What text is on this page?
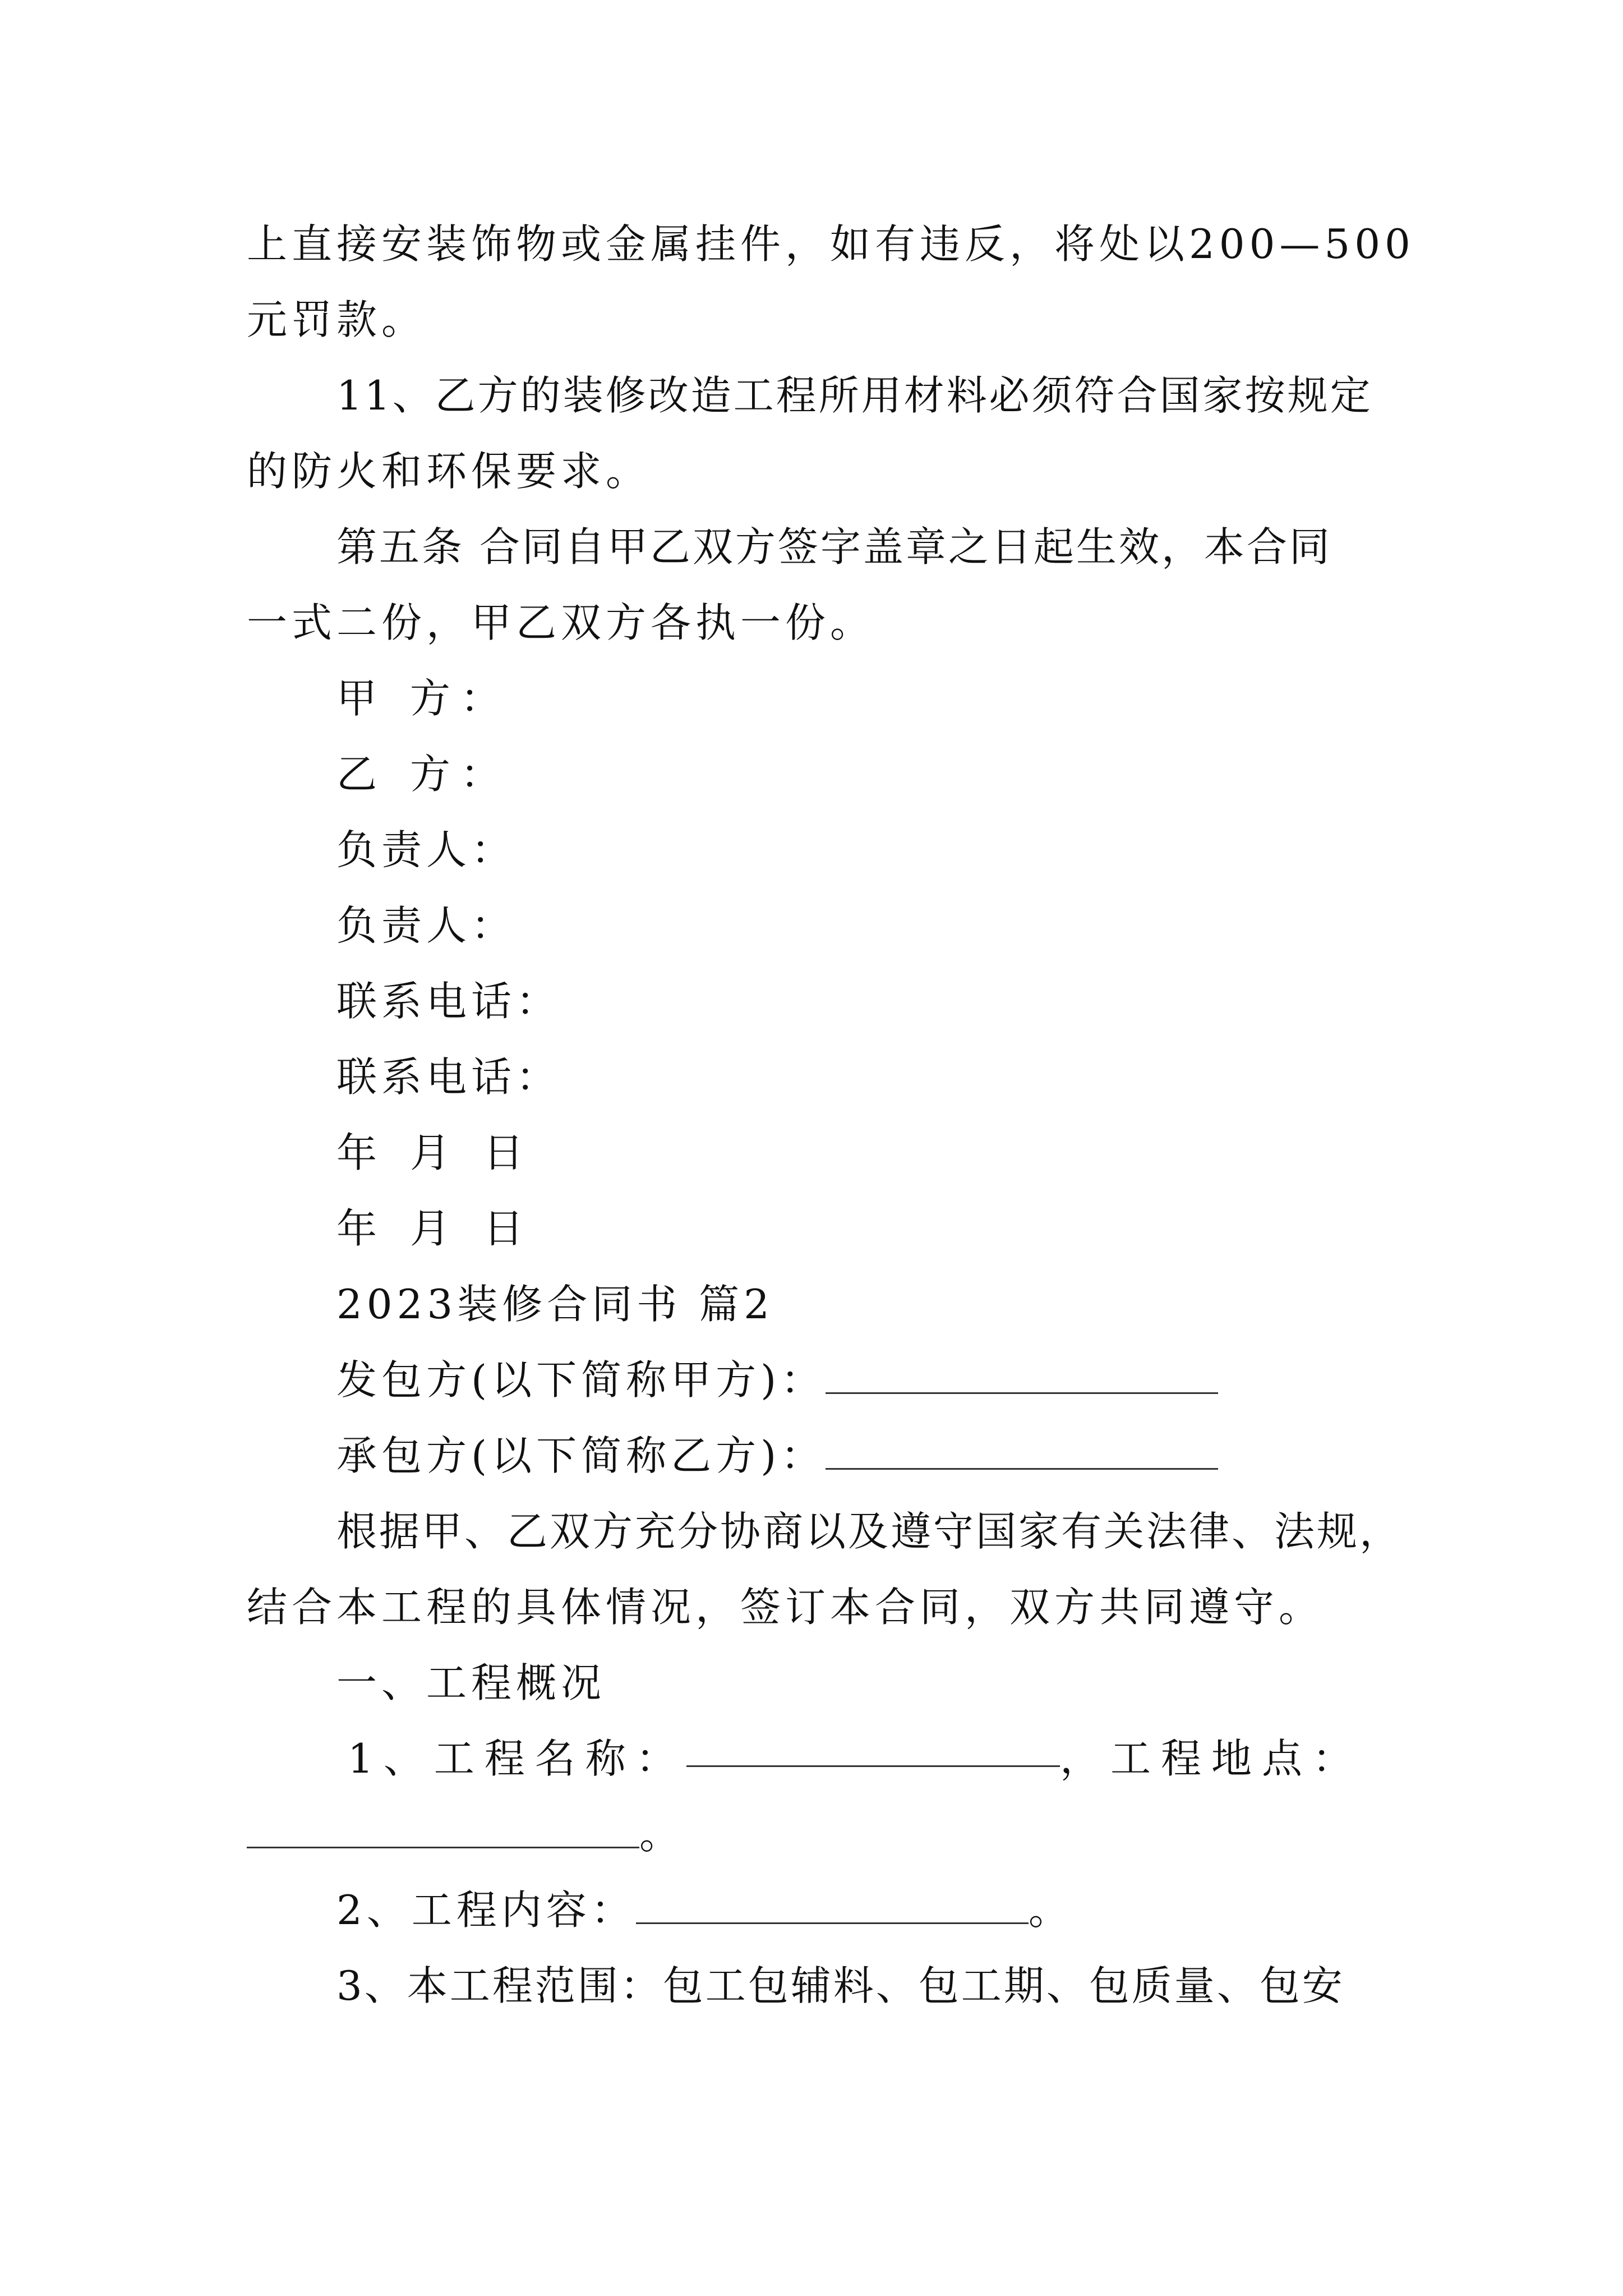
上直接安装饰物或金属挂件，如有违反，将处以200—500
元罚款。
11、乙方的装修改造工程所用材料必须符合国家按规定
的防火和环保要求。
第五条 合同自甲乙双方签字盖章之日起生效，本合同
一式二份，甲乙双方各执一份。
甲 方：
乙 方：
负责人：
负责人：
联系电话：
联系电话：
年 月 日
年 月 日
2023装修合同书 篇2
发包方(以下简称甲方)：
承包方(以下简称乙方)：
根据甲、乙双方充分协商以及遵守国家有关法律、法规，
结合本工程的具体情况，签订本合同，双方共同遵守。
一、工程概况
1、工程名称：	，工程地点：
。
2、工程内容：	。
3、本工程范围：包工包辅料、包工期、包质量、包安
